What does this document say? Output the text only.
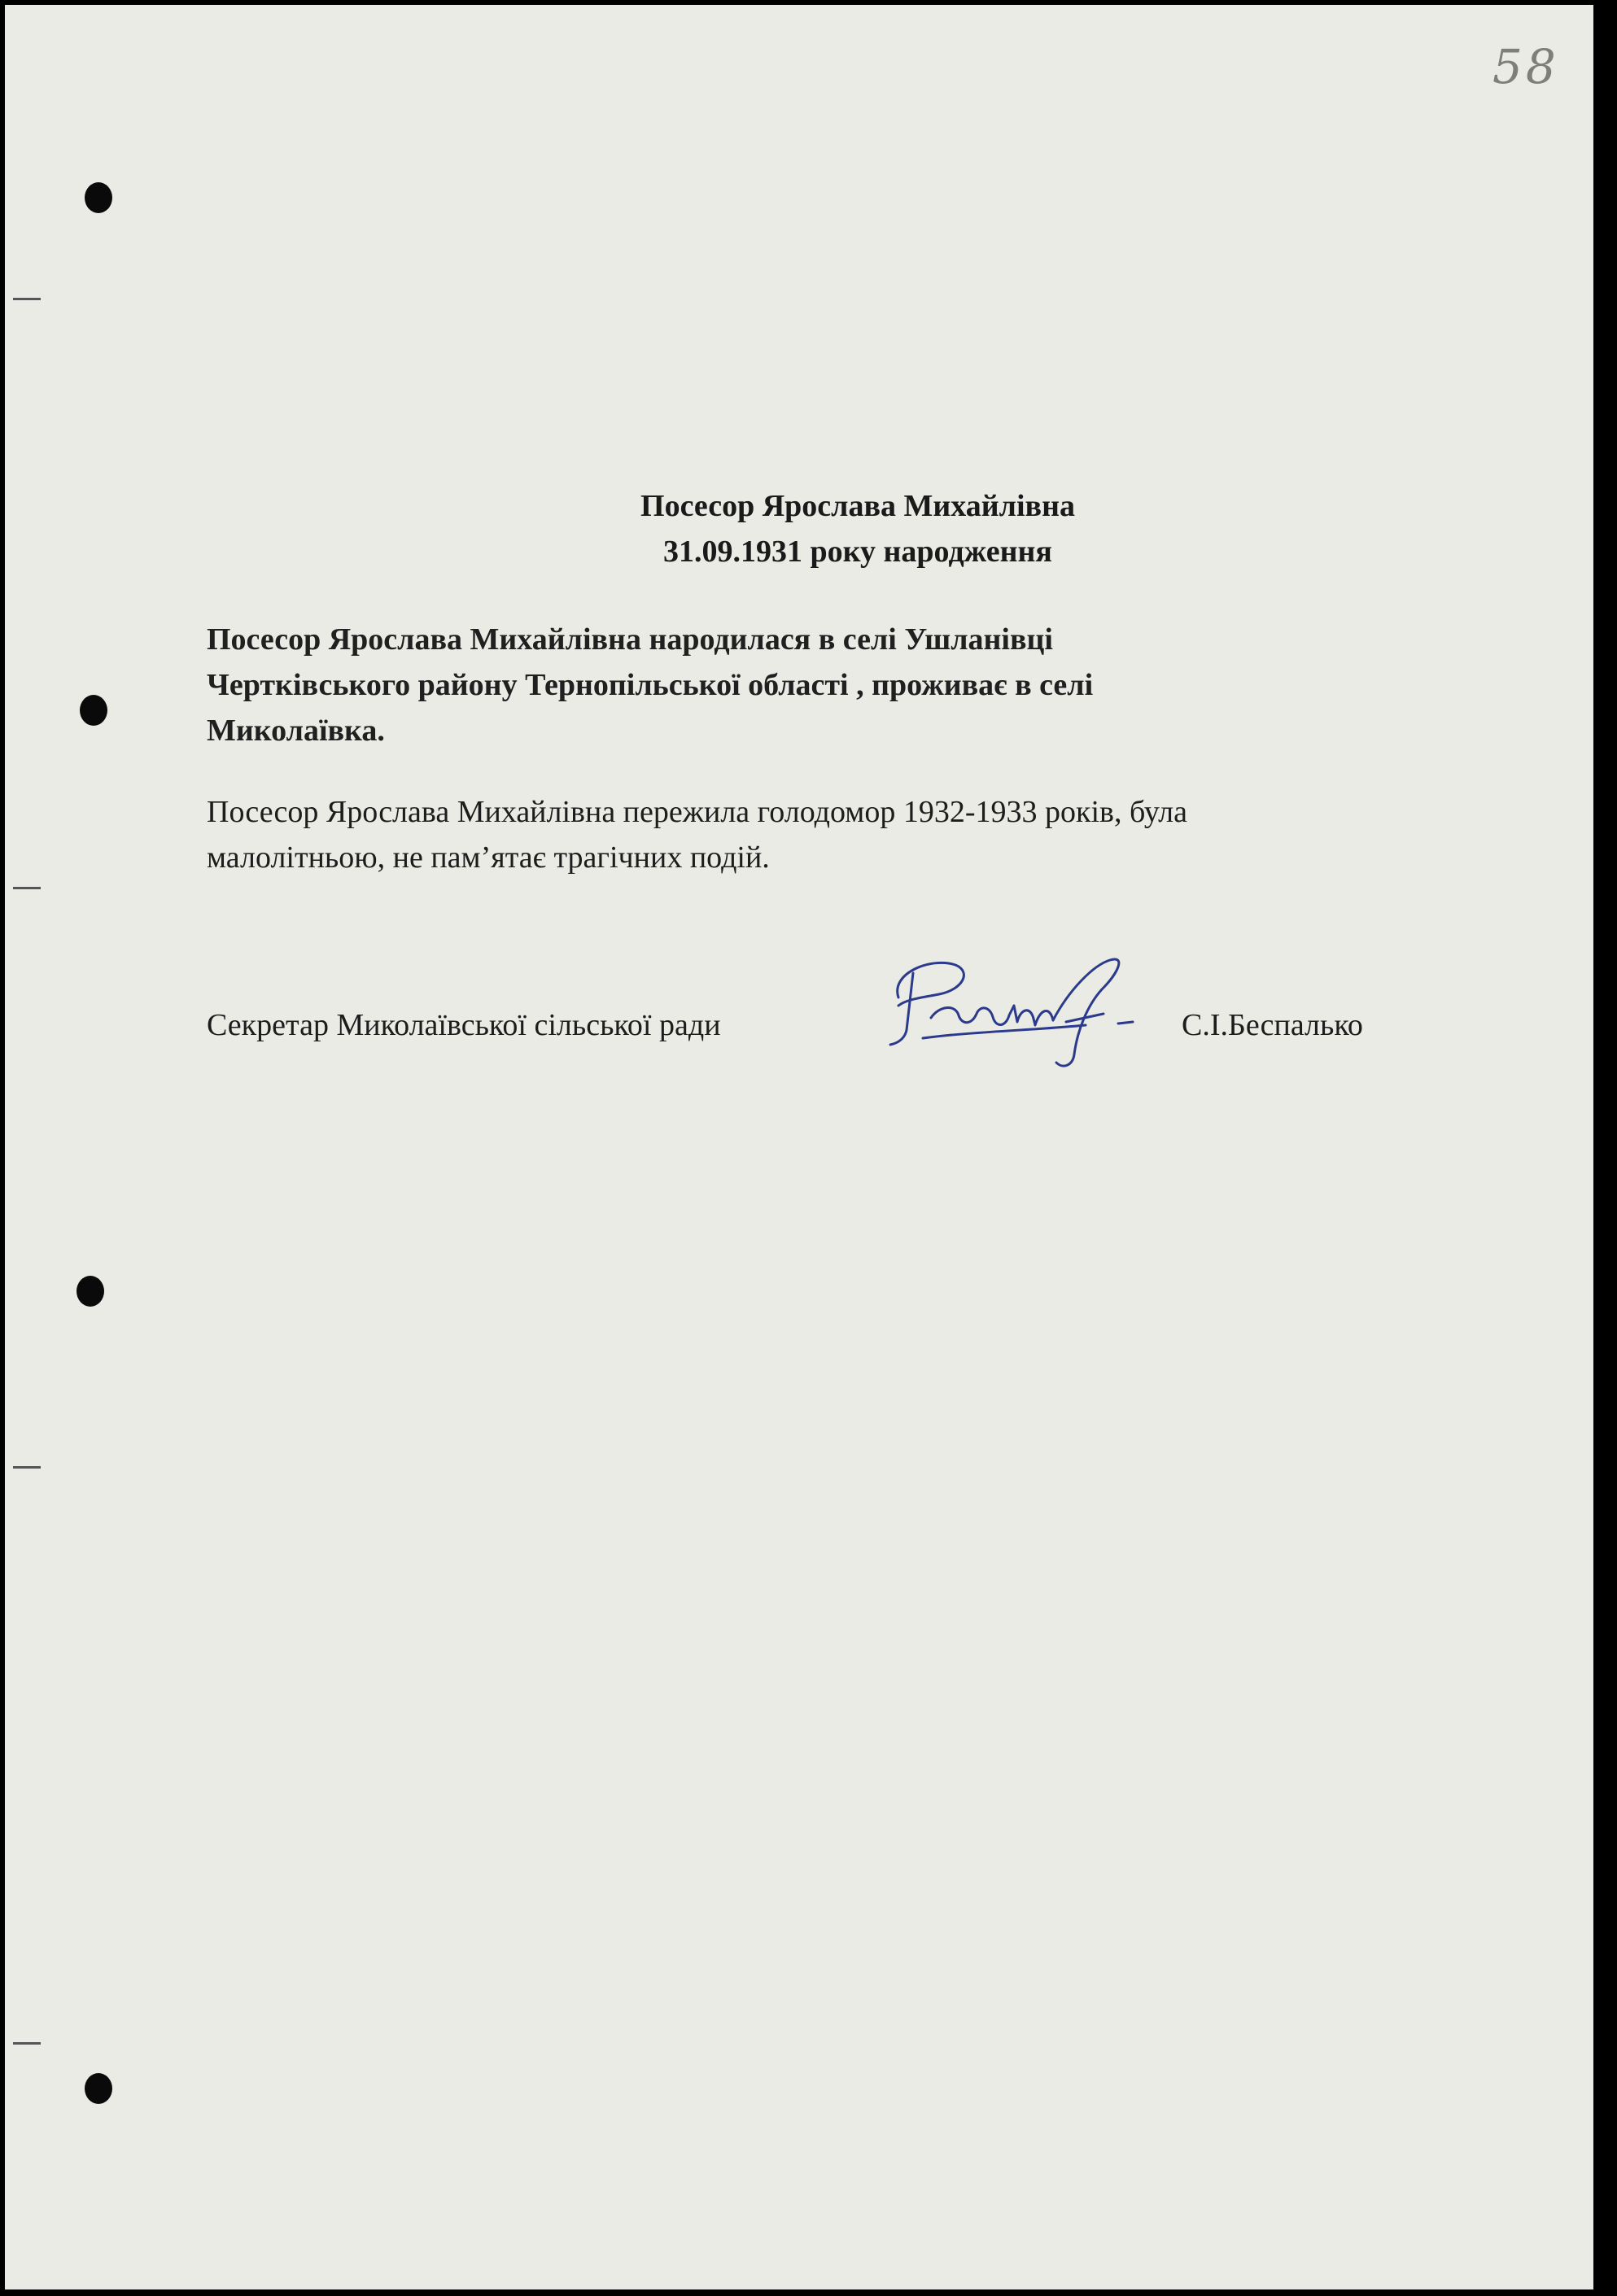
58
Посесор Ярослава Михайлівна
31.09.1931 року народження
Посесор Ярослава Михайлівна народилася в селі Ушланівці
Чертківського району Тернопільської області , проживає в селі
Миколаївка.
Посесор Ярослава Михайлівна пережила голодомор 1932-1933 років, була
малолітньою, не пам’ятає трагічних подій.
Секретар Миколаївської сільської ради	С.І.Беспалько
